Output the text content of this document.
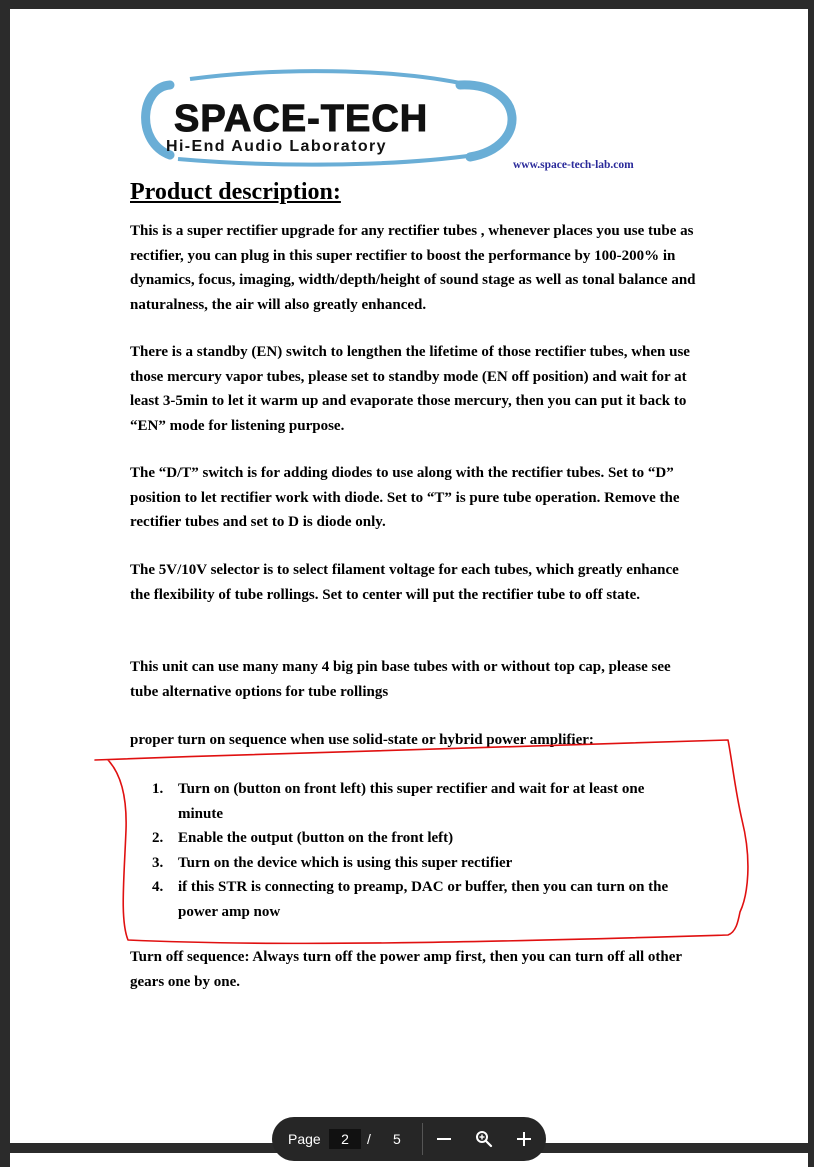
SPACE-TECH
Hi-End Audio Laboratory
www.space-tech-lab.com
Product description:

This is a super rectifier upgrade for any rectifier tubes , whenever places you use tube as rectifier, you can plug in this super rectifier to boost the performance by 100-200% in dynamics, focus, imaging, width/depth/height of sound stage as well as tonal balance and naturalness, the air will also greatly enhanced.

There is a standby (EN) switch to lengthen the lifetime of those rectifier tubes, when use those mercury vapor tubes, please set to standby mode (EN off position) and wait for at least 3-5min to let it warm up and evaporate those mercury, then you can put it back to “EN” mode for listening purpose.

The “D/T” switch is for adding diodes to use along with the rectifier tubes. Set to “D” position to let rectifier work with diode. Set to “T” is pure tube operation. Remove the rectifier tubes and set to D is diode only.

The 5V/10V selector is to select filament voltage for each tubes, which greatly enhance the flexibility of tube rollings. Set to center will put the rectifier tube to off state.

This unit can use many many 4 big pin base tubes with or without top cap, please see tube alternative options for tube rollings

proper turn on sequence when use solid-state or hybrid power amplifier:

1. Turn on (button on front left) this super rectifier and wait for at least one minute
2. Enable the output (button on the front left)
3. Turn on the device which is using this super rectifier
4. if this STR is connecting to preamp, DAC or buffer, then you can turn on the power amp now

Turn off sequence: Always turn off the power amp first, then you can turn off all other gears one by one.

Page
2	/ 5
